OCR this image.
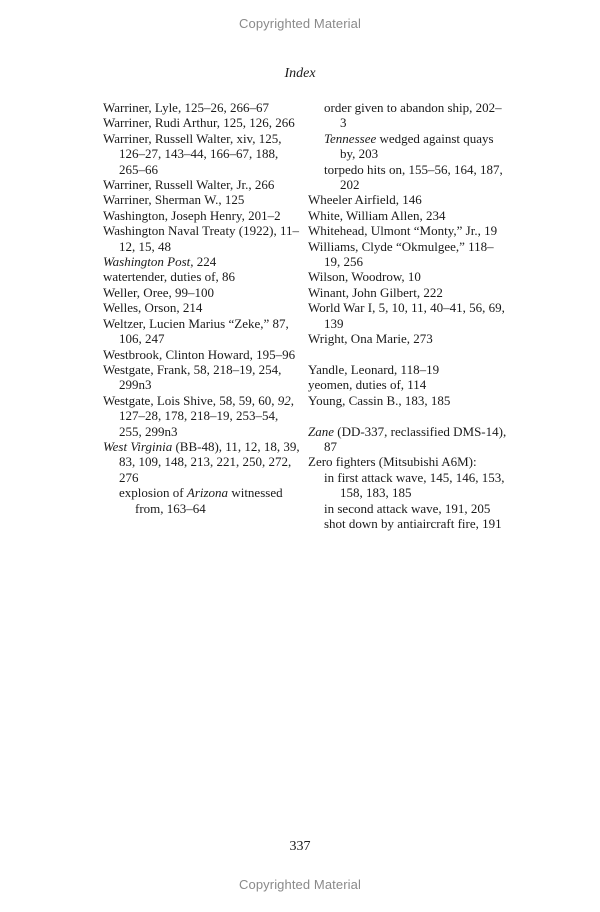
Copyrighted Material
Index
Warriner, Lyle, 125–26, 266–67
Warriner, Rudi Arthur, 125, 126, 266
Warriner, Russell Walter, xiv, 125, 126–27, 143–44, 166–67, 188, 265–66
Warriner, Russell Walter, Jr., 266
Warriner, Sherman W., 125
Washington, Joseph Henry, 201–2
Washington Naval Treaty (1922), 11–12, 15, 48
Washington Post, 224
watertender, duties of, 86
Weller, Oree, 99–100
Welles, Orson, 214
Weltzer, Lucien Marius “Zeke,” 87, 106, 247
Westbrook, Clinton Howard, 195–96
Westgate, Frank, 58, 218–19, 254, 299n3
Westgate, Lois Shive, 58, 59, 60, 92, 127–28, 178, 218–19, 253–54, 255, 299n3
West Virginia (BB-48), 11, 12, 18, 39, 83, 109, 148, 213, 221, 250, 272, 276
explosion of Arizona witnessed from, 163–64
order given to abandon ship, 202–3
Tennessee wedged against quays by, 203
torpedo hits on, 155–56, 164, 187, 202
Wheeler Airfield, 146
White, William Allen, 234
Whitehead, Ulmont “Monty,” Jr., 19
Williams, Clyde “Okmulgee,” 118–19, 256
Wilson, Woodrow, 10
Winant, John Gilbert, 222
World War I, 5, 10, 11, 40–41, 56, 69, 139
Wright, Ona Marie, 273
Yandle, Leonard, 118–19
yeomen, duties of, 114
Young, Cassin B., 183, 185
Zane (DD-337, reclassified DMS-14), 87
Zero fighters (Mitsubishi A6M):
in first attack wave, 145, 146, 153, 158, 183, 185
in second attack wave, 191, 205
shot down by antiaircraft fire, 191
337
Copyrighted Material
